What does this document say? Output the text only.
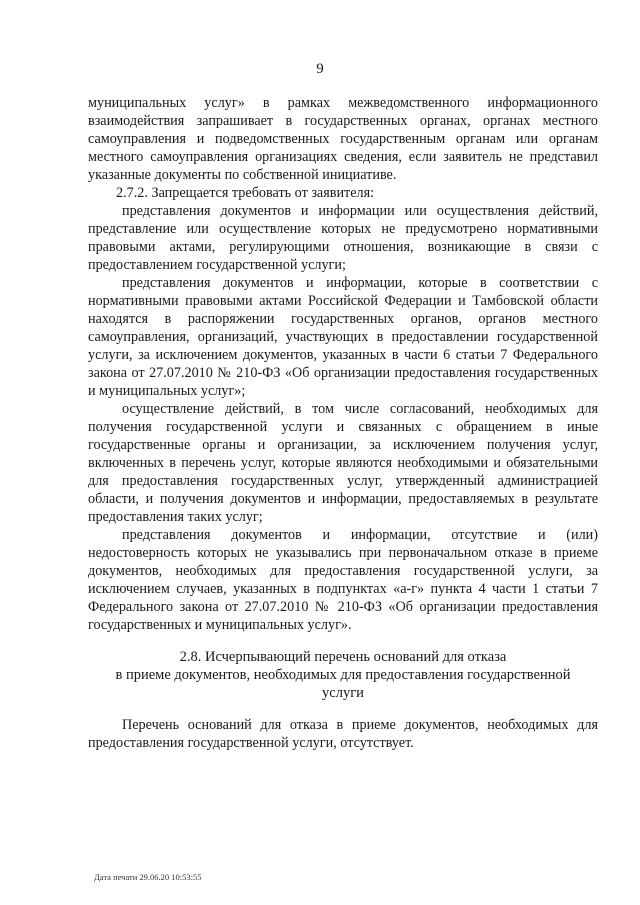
9

муниципальных услуг» в рамках межведомственного информационного взаимодействия запрашивает в государственных органах, органах местного самоуправления и подведомственных государственным органам или органам местного самоуправления организациях сведения, если заявитель не представил указанные документы по собственной инициативе.

2.7.2. Запрещается требовать от заявителя:

представления документов и информации или осуществления действий, представление или осуществление которых не предусмотрено нормативными правовыми актами, регулирующими отношения, возникающие в связи с предоставлением государственной услуги;

представления документов и информации, которые в соответствии с нормативными правовыми актами Российской Федерации и Тамбовской области находятся в распоряжении государственных органов, органов местного самоуправления, организаций, участвующих в предоставлении государственной услуги, за исключением документов, указанных в части 6 статьи 7 Федерального закона от 27.07.2010 № 210-ФЗ «Об организации предоставления государственных и муниципальных услуг»;

осуществление действий, в том числе согласований, необходимых для получения государственной услуги и связанных с обращением в иные государственные органы и организации, за исключением получения услуг, включенных в перечень услуг, которые являются необходимыми и обязательными для предоставления государственных услуг, утвержденный администрацией области, и получения документов и информации, предоставляемых в результате предоставления таких услуг;

представления документов и информации, отсутствие и (или) недостоверность которых не указывались при первоначальном отказе в приеме документов, необходимых для предоставления государственной услуги, за исключением случаев, указанных в подпунктах «а-г» пункта 4 части 1 статьи 7 Федерального закона от 27.07.2010 № 210-ФЗ «Об организации предоставления государственных и муниципальных услуг».

2.8. Исчерпывающий перечень оснований для отказа
в приеме документов, необходимых для предоставления государственной
услуги

Перечень оснований для отказа в приеме документов, необходимых для предоставления государственной услуги, отсутствует.

Дата печати 29.06.20 10:53:55
